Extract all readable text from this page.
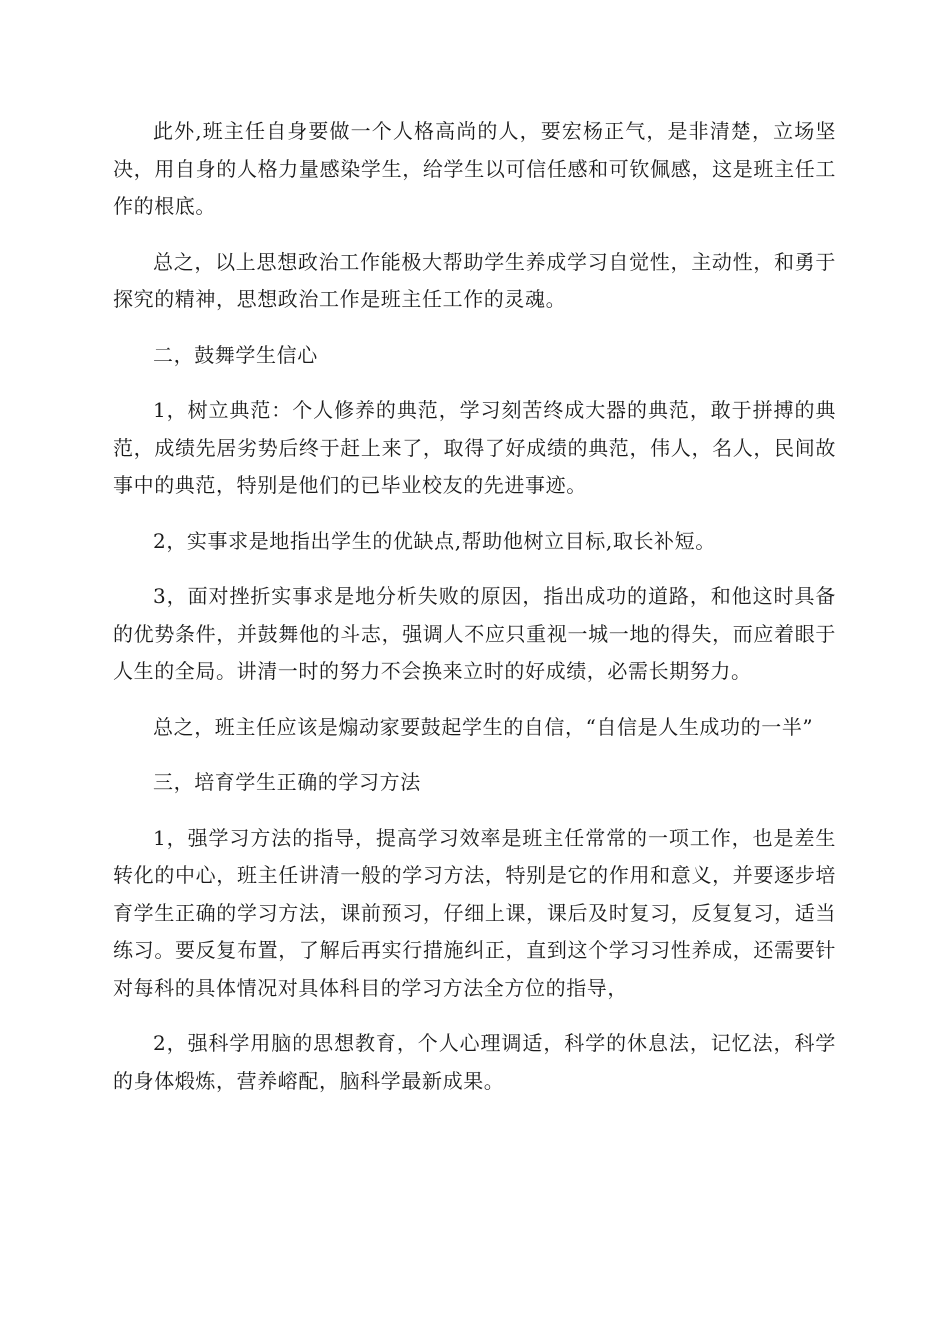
此外,班主任自身要做一个人格高尚的人，要宏杨正气，是非清楚，立场坚决，用自身的人格力量感染学生，给学生以可信任感和可钦佩感，这是班主任工作的根底。

总之，以上思想政治工作能极大帮助学生养成学习自觉性，主动性，和勇于探究的精神，思想政治工作是班主任工作的灵魂。

二，鼓舞学生信心

1，树立典范：个人修养的典范，学习刻苦终成大器的典范，敢于拼搏的典范，成绩先居劣势后终于赶上来了，取得了好成绩的典范，伟人，名人，民间故事中的典范，特别是他们的已毕业校友的先进事迹。

2，实事求是地指出学生的优缺点,帮助他树立目标,取长补短。

3，面对挫折实事求是地分析失败的原因，指出成功的道路，和他这时具备的优势条件，并鼓舞他的斗志，强调人不应只重视一城一地的得失，而应着眼于人生的全局。讲清一时的努力不会换来立时的好成绩，必需长期努力。

总之，班主任应该是煽动家要鼓起学生的自信，“自信是人生成功的一半”

三，培育学生正确的学习方法

1，强学习方法的指导，提高学习效率是班主任常常的一项工作，也是差生转化的中心，班主任讲清一般的学习方法，特别是它的作用和意义，并要逐步培育学生正确的学习方法，课前预习，仔细上课，课后及时复习，反复复习，适当练习。要反复布置，了解后再实行措施纠正，直到这个学习习性养成，还需要针对每科的具体情况对具体科目的学习方法全方位的指导，

2，强科学用脑的思想教育，个人心理调适，科学的休息法，记忆法，科学的身体煅炼，营养嵱配，脑科学最新成果。
